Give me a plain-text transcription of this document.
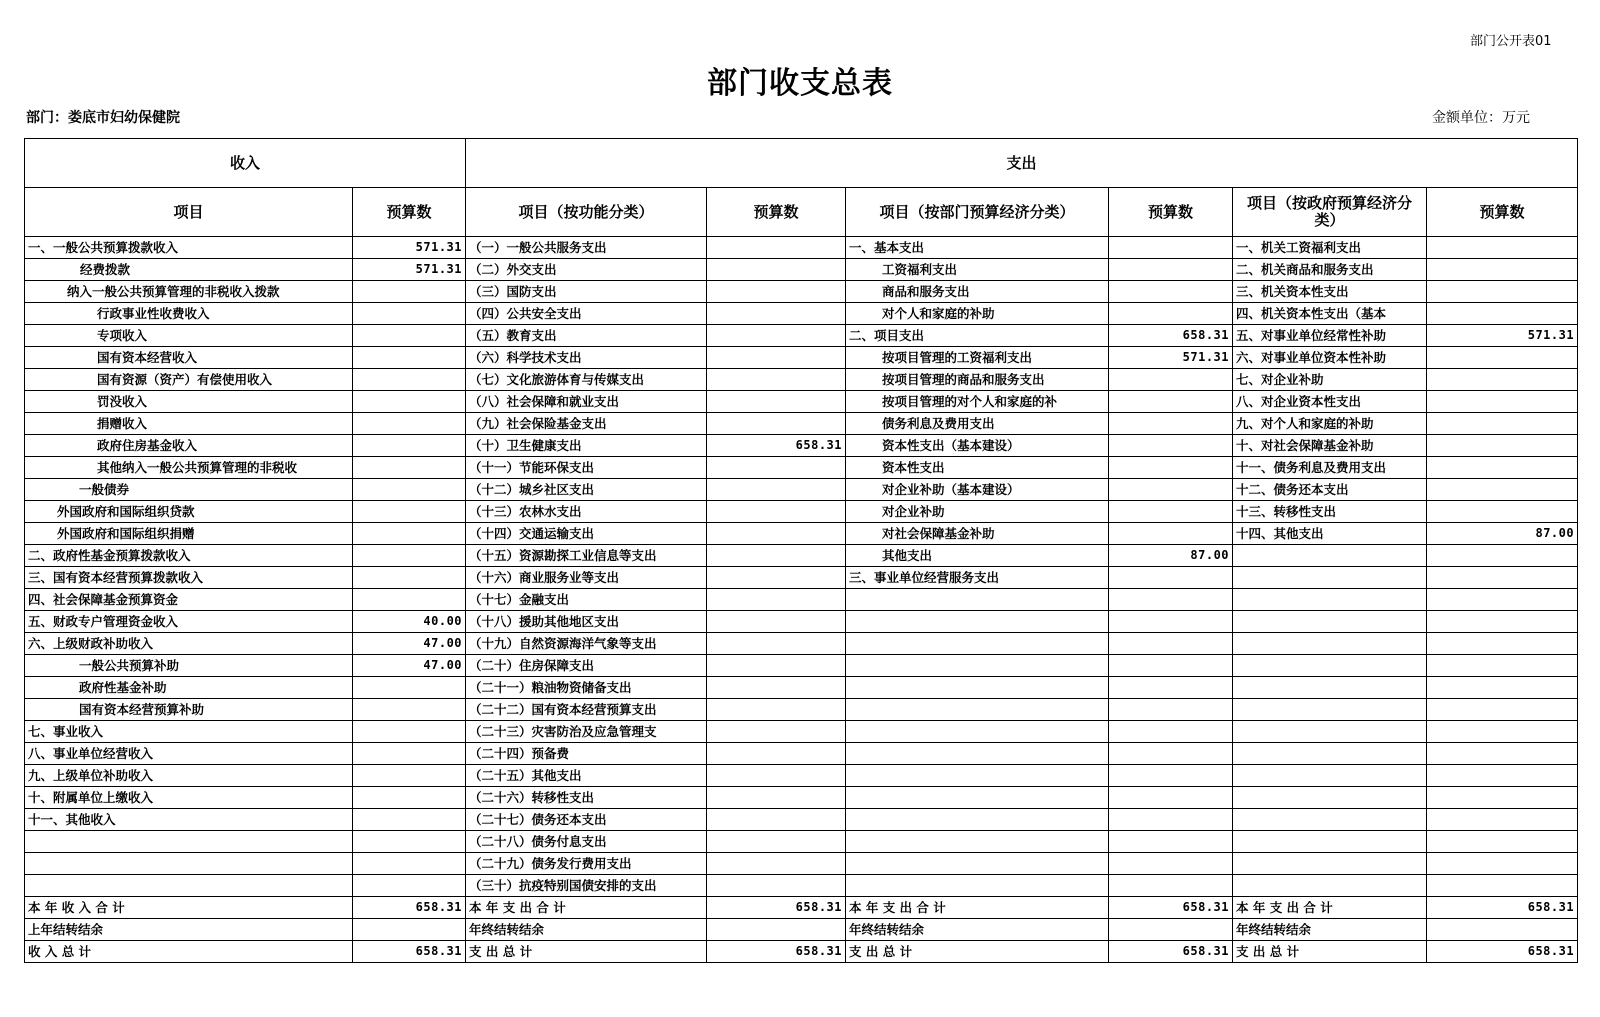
部门公开表01
部门收支总表
部门：娄底市妇幼保健院	金额单位：万元
收入		支出					
项目	预算数	项目（按功能分类）	预算数	项目（按部门预算经济分类）	预算数	项目（按政府预算经济分类）	预算数
一、一般公共预算拨款收入	571.31	（一）一般公共服务支出		一、基本支出		一、机关工资福利支出	
经费拨款	571.31	（二）外交支出		工资福利支出		二、机关商品和服务支出	
纳入一般公共预算管理的非税收入拨款		（三）国防支出		商品和服务支出		三、机关资本性支出	
行政事业性收费收入		（四）公共安全支出		对个人和家庭的补助		四、机关资本性支出（基本	
专项收入		（五）教育支出		二、项目支出	658.31	五、对事业单位经常性补助	571.31
国有资本经营收入		（六）科学技术支出		按项目管理的工资福利支出	571.31	六、对事业单位资本性补助	
国有资源（资产）有偿使用收入		（七）文化旅游体育与传媒支出		按项目管理的商品和服务支出		七、对企业补助	
罚没收入		（八）社会保障和就业支出		按项目管理的对个人和家庭的补		八、对企业资本性支出	
捐赠收入		（九）社会保险基金支出		债务利息及费用支出		九、对个人和家庭的补助	
政府住房基金收入		（十）卫生健康支出	658.31	资本性支出（基本建设）		十、对社会保障基金补助	
其他纳入一般公共预算管理的非税收		（十一）节能环保支出		资本性支出		十一、债务利息及费用支出	
一般债券		（十二）城乡社区支出		对企业补助（基本建设）		十二、债务还本支出	
外国政府和国际组织贷款		（十三）农林水支出		对企业补助		十三、转移性支出	
外国政府和国际组织捐赠		（十四）交通运输支出		对社会保障基金补助		十四、其他支出	87.00
二、政府性基金预算拨款收入		（十五）资源勘探工业信息等支出		其他支出	87.00		
三、国有资本经营预算拨款收入		（十六）商业服务业等支出		三、事业单位经营服务支出			
四、社会保障基金预算资金		（十七）金融支出					
五、财政专户管理资金收入	40.00	（十八）援助其他地区支出					
六、上级财政补助收入	47.00	（十九）自然资源海洋气象等支出					
一般公共预算补助	47.00	（二十）住房保障支出					
政府性基金补助		（二十一）粮油物资储备支出					
国有资本经营预算补助		（二十二）国有资本经营预算支出					
七、事业收入		（二十三）灾害防治及应急管理支					
八、事业单位经营收入		（二十四）预备费					
九、上级单位补助收入		（二十五）其他支出					
十、附属单位上缴收入		（二十六）转移性支出					
十一、其他收入		（二十七）债务还本支出					
		（二十八）债务付息支出					
		（二十九）债务发行费用支出					
		（三十）抗疫特别国债安排的支出					
本 年 收 入 合 计	658.31	本 年 支 出 合 计	658.31	本 年 支 出 合 计	658.31	本 年 支 出 合 计	658.31
上年结转结余		年终结转结余		年终结转结余		年终结转结余	
收 入 总 计	658.31	支 出 总 计	658.31	支 出 总 计	658.31	支 出 总 计	658.31
